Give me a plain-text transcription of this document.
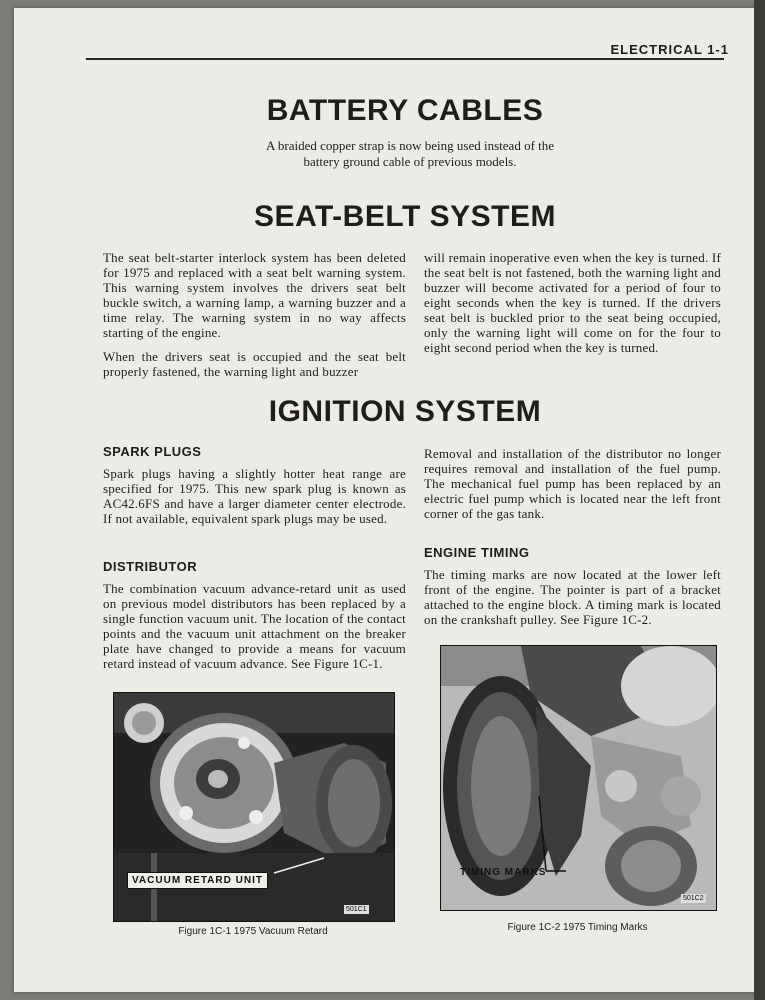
ELECTRICAL 1-1
BATTERY CABLES
A braided copper strap is now being used instead of the battery ground cable of previous models.
SEAT-BELT SYSTEM

The seat belt-starter interlock system has been deleted for 1975 and replaced with a seat belt warning system. This warning system involves the drivers seat belt buckle switch, a warning lamp, a warning buzzer and a time relay. The warning system in no way affects starting of the engine.

When the drivers seat is occupied and the seat belt properly fastened, the warning light and buzzer

will remain inoperative even when the key is turned. If the seat belt is not fastened, both the warning light and buzzer will become activated for a period of four to eight seconds when the key is turned. If the drivers seat belt is buckled prior to the seat being occupied, only the warning light will come on for the four to eight second period when the key is turned.

IGNITION SYSTEM
SPARK PLUGS
Spark plugs having a slightly hotter heat range are specified for 1975. This new spark plug is known as AC42.6FS and have a larger diameter center electrode. If not available, equivalent spark plugs may be used.
DISTRIBUTOR
The combination vacuum advance-retard unit as used on previous model distributors has been replaced by a single function vacuum unit. The location of the contact points and the vacuum unit attachment on the breaker plate have changed to provide a means for vacuum retard instead of vacuum advance. See Figure 1C-1.
Removal and installation of the distributor no longer requires removal and installation of the fuel pump. The mechanical fuel pump has been replaced by an electric fuel pump which is located near the left front corner of the gas tank.
ENGINE TIMING
The timing marks are now located at the lower left front of the engine. The pointer is part of a bracket attached to the engine block. A timing mark is located on the crankshaft pulley. See Figure 1C-2.
VACUUM RETARD UNIT
501C1
Figure 1C-1 1975 Vacuum Retard
TIMING MARKS
501C2
Figure 1C-2 1975 Timing Marks
